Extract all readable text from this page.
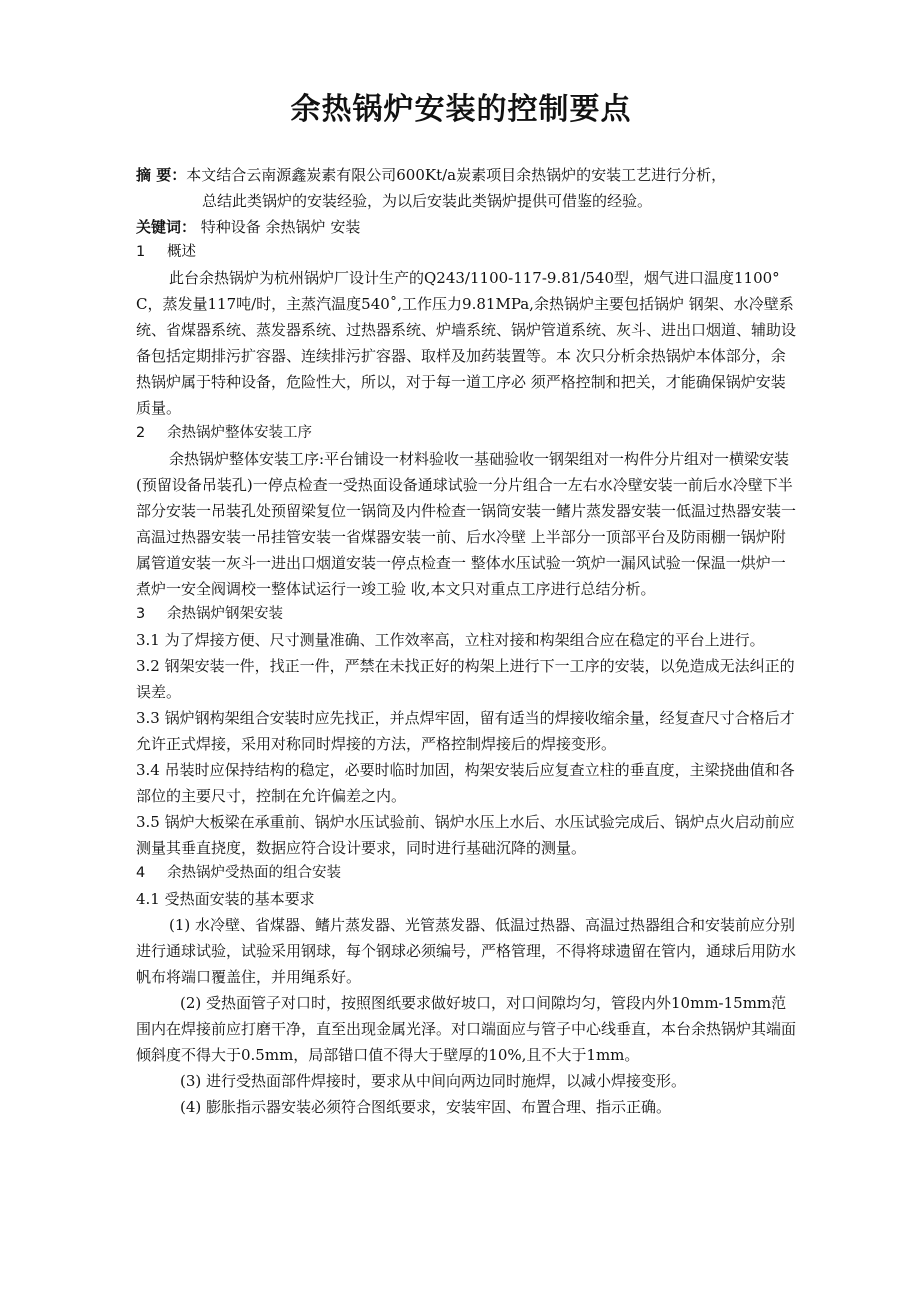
余热锅炉安装的控制要点
摘 要：本文结合云南源鑫炭素有限公司600Kt/a炭素项目余热锅炉的安装工艺进行分析，
总结此类锅炉的安装经验，为以后安装此类锅炉提供可借鉴的经验。
关键词： 特种设备 余热锅炉 安装
1 概述

此台余热锅炉为杭州锅炉厂设计生产的Q243/1100-117-9.81/540型，烟气进口温度1100° C，蒸发量117吨/时，主蒸汽温度540˚,工作压力9.81MPa,余热锅炉主要包括锅炉 钢架、水冷壁系统、省煤器系统、蒸发器系统、过热器系统、炉墙系统、锅炉管道系统、灰斗、进出口烟道、辅助设备包括定期排污扩容器、连续排污扩容器、取样及加药装置等。本 次只分析余热锅炉本体部分，余热锅炉属于特种设备，危险性大，所以，对于每一道工序必 须严格控制和把关，才能确保锅炉安装质量。

2 余热锅炉整体安装工序

余热锅炉整体安装工序:平台铺设一材料验收一基础验收一钢架组对一构件分片组对一横梁安装(预留设备吊装孔)一停点检查一受热面设备通球试验一分片组合一左右水冷壁安装一前后水冷壁下半部分安装一吊装孔处预留梁复位一锅筒及内件检查一锅筒安装一鳍片蒸发器安装一低温过热器安装一高温过热器安装一吊挂管安装一省煤器安装一前、后水冷壁 上半部分一顶部平台及防雨棚一锅炉附属管道安装一灰斗一进出口烟道安装一停点检查一 整体水压试验一筑炉一漏风试验一保温一烘炉一煮炉一安全阀调校一整体试运行一竣工验 收,本文只对重点工序进行总结分析。

3 余热锅炉钢架安装

3.1 为了焊接方便、尺寸测量准确、工作效率高，立柱对接和构架组合应在稳定的平台上进行。

3.2 钢架安装一件，找正一件，严禁在未找正好的构架上进行下一工序的安装，以免造成无法纠正的误差。

3.3 锅炉钢构架组合安装时应先找正，并点焊牢固，留有适当的焊接收缩余量，经复查尺寸合格后才允许正式焊接，采用对称同时焊接的方法，严格控制焊接后的焊接变形。

3.4 吊装时应保持结构的稳定，必要时临时加固，构架安装后应复查立柱的垂直度，主梁挠曲值和各部位的主要尺寸，控制在允许偏差之内。

3.5 锅炉大板梁在承重前、锅炉水压试验前、锅炉水压上水后、水压试验完成后、锅炉点火启动前应测量其垂直挠度，数据应符合设计要求，同时进行基础沉降的测量。

4 余热锅炉受热面的组合安装

4.1 受热面安装的基本要求

(1) 水冷壁、省煤器、鳍片蒸发器、光管蒸发器、低温过热器、高温过热器组合和安装前应分别进行通球试验，试验采用钢球，每个钢球必须编号，严格管理，不得将球遗留在管内，通球后用防水帆布将端口覆盖住，并用绳系好。

(2) 受热面管子对口时，按照图纸要求做好坡口，对口间隙均匀，管段内外10mm-15mm范围内在焊接前应打磨干净，直至出现金属光泽。对口端面应与管子中心线垂直，本台余热锅炉其端面倾斜度不得大于0.5mm，局部错口值不得大于壁厚的10%,且不大于1mm。

(3) 进行受热面部件焊接时，要求从中间向两边同时施焊，以减小焊接变形。

(4) 膨胀指示器安装必须符合图纸要求，安装牢固、布置合理、指示正确。
